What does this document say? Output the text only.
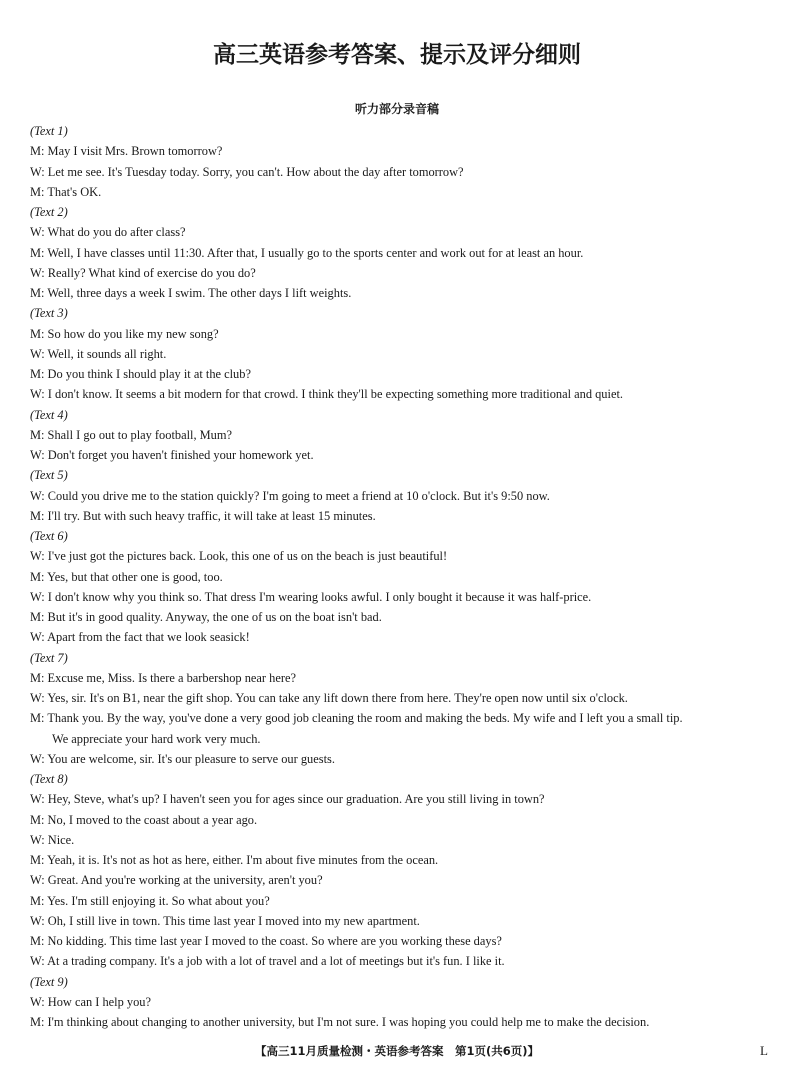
高三英语参考答案、提示及评分细则
听力部分录音稿
(Text 1)
M: May I visit Mrs. Brown tomorrow?
W: Let me see. It's Tuesday today. Sorry, you can't. How about the day after tomorrow?
M: That's OK.
(Text 2)
W: What do you do after class?
M: Well, I have classes until 11:30. After that, I usually go to the sports center and work out for at least an hour.
W: Really? What kind of exercise do you do?
M: Well, three days a week I swim. The other days I lift weights.
(Text 3)
M: So how do you like my new song?
W: Well, it sounds all right.
M: Do you think I should play it at the club?
W: I don't know. It seems a bit modern for that crowd. I think they'll be expecting something more traditional and quiet.
(Text 4)
M: Shall I go out to play football, Mum?
W: Don't forget you haven't finished your homework yet.
(Text 5)
W: Could you drive me to the station quickly? I'm going to meet a friend at 10 o'clock. But it's 9:50 now.
M: I'll try. But with such heavy traffic, it will take at least 15 minutes.
(Text 6)
W: I've just got the pictures back. Look, this one of us on the beach is just beautiful!
M: Yes, but that other one is good, too.
W: I don't know why you think so. That dress I'm wearing looks awful. I only bought it because it was half-price.
M: But it's in good quality. Anyway, the one of us on the boat isn't bad.
W: Apart from the fact that we look seasick!
(Text 7)
M: Excuse me, Miss. Is there a barbershop near here?
W: Yes, sir. It's on B1, near the gift shop. You can take any lift down there from here. They're open now until six o'clock.
M: Thank you. By the way, you've done a very good job cleaning the room and making the beds. My wife and I left you a small tip.
We appreciate your hard work very much.
W: You are welcome, sir. It's our pleasure to serve our guests.
(Text 8)
W: Hey, Steve, what's up? I haven't seen you for ages since our graduation. Are you still living in town?
M: No, I moved to the coast about a year ago.
W: Nice.
M: Yeah, it is. It's not as hot as here, either. I'm about five minutes from the ocean.
W: Great. And you're working at the university, aren't you?
M: Yes. I'm still enjoying it. So what about you?
W: Oh, I still live in town. This time last year I moved into my new apartment.
M: No kidding. This time last year I moved to the coast. So where are you working these days?
W: At a trading company. It's a job with a lot of travel and a lot of meetings but it's fun. I like it.
(Text 9)
W: How can I help you?
M: I'm thinking about changing to another university, but I'm not sure. I was hoping you could help me to make the decision.
【高三11月质量检测・英语参考答案　第1页(共6页)】	L
